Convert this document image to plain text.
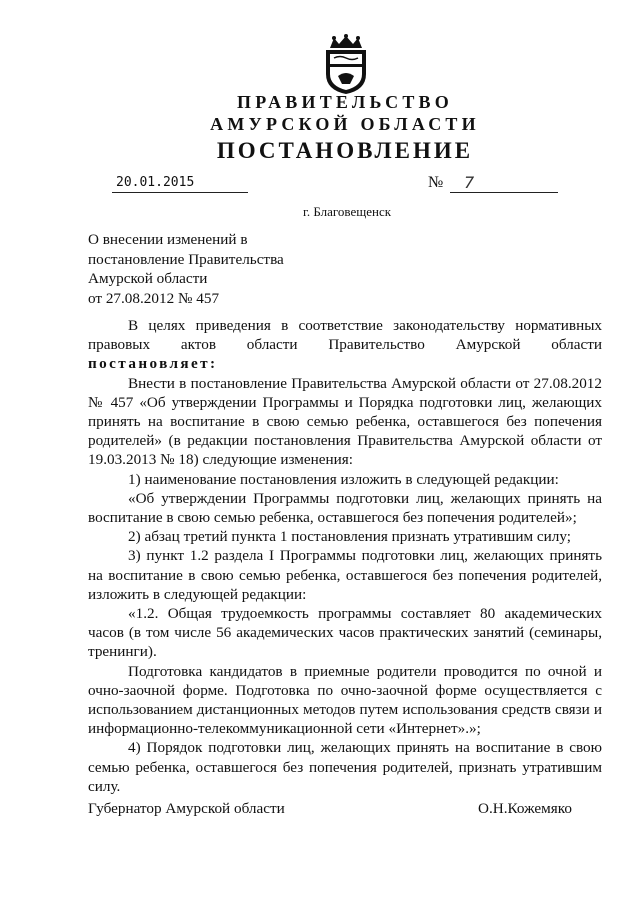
ПРАВИТЕЛЬСТВО
АМУРСКОЙ ОБЛАСТИ
ПОСТАНОВЛЕНИЕ
20.01.2015	№ 7
г. Благовещенск
О внесении изменений в
постановление Правительства
Амурской области
от 27.08.2012 № 457

В целях приведения в соответствие законодательству нормативных правовых актов области Правительство Амурской области

постановляет:

Внести в постановление Правительства Амурской области от 27.08.2012 № 457 «Об утверждении Программы и Порядка подготовки лиц, желающих принять на воспитание в свою семью ребенка, оставшегося без попечения родителей» (в редакции постановления Правительства Амурской области от 19.03.2013 № 18) следующие изменения:

1) наименование постановления изложить в следующей редакции:

«Об утверждении Программы подготовки лиц, желающих принять на воспитание в свою семью ребенка, оставшегося без попечения родителей»;

2) абзац третий пункта 1 постановления признать утратившим силу;

3) пункт 1.2 раздела I Программы подготовки лиц, желающих принять на воспитание в свою семью ребенка, оставшегося без попечения родителей, изложить в следующей редакции:

«1.2. Общая трудоемкость программы составляет 80 академических часов (в том числе 56 академических часов практических занятий (семинары, тренинги).

Подготовка кандидатов в приемные родители проводится по очной и очно-заочной форме. Подготовка по очно-заочной форме осуществляется с использованием дистанционных методов путем использования средств связи и информационно-телекоммуникационной сети «Интернет».»;

4) Порядок подготовки лиц, желающих принять на воспитание в свою семью ребенка, оставшегося без попечения родителей, признать утратившим силу.

Губернатор Амурской области	О.Н.Кожемяко
